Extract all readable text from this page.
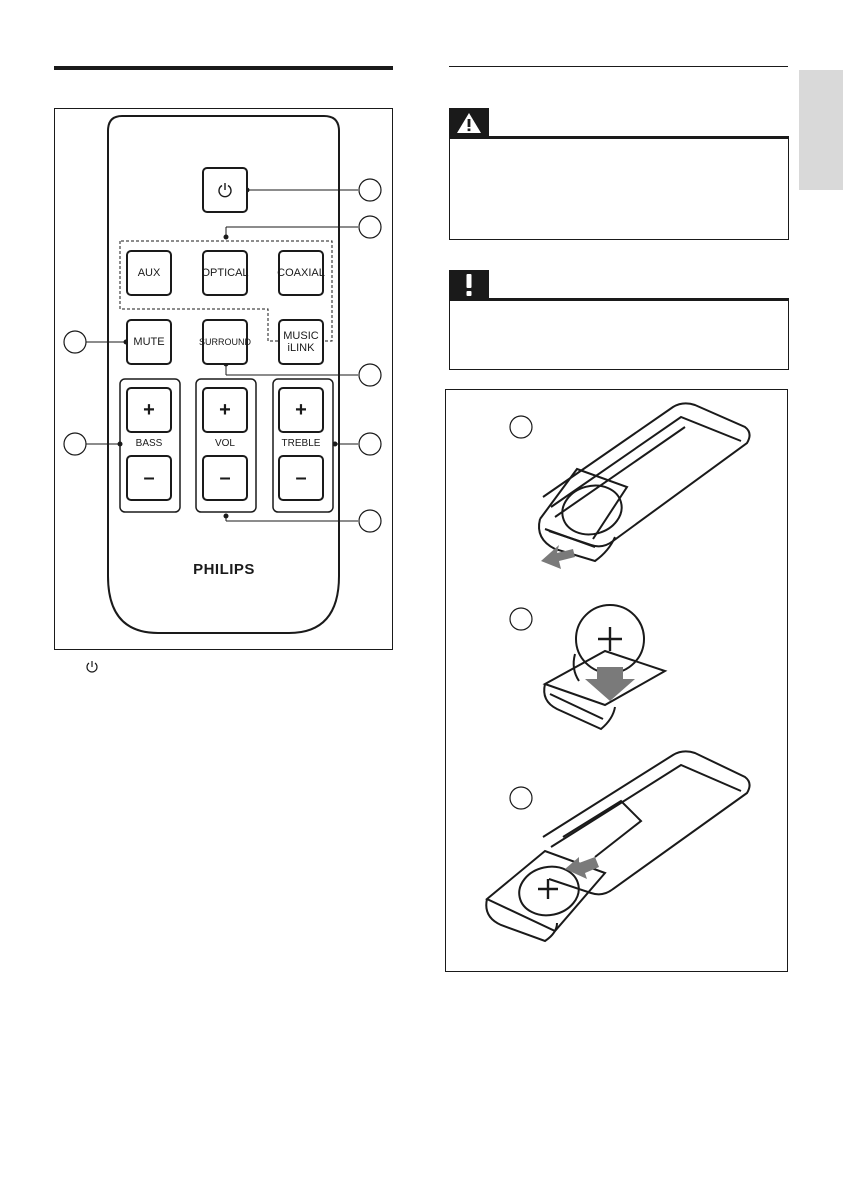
AUX	OPTICAL	COAXIAL
MUTE	SURROUND	MUSIC
iLINK
+
BASS
–
+
VOL
–
+
TREBLE
–
PHILIPS
